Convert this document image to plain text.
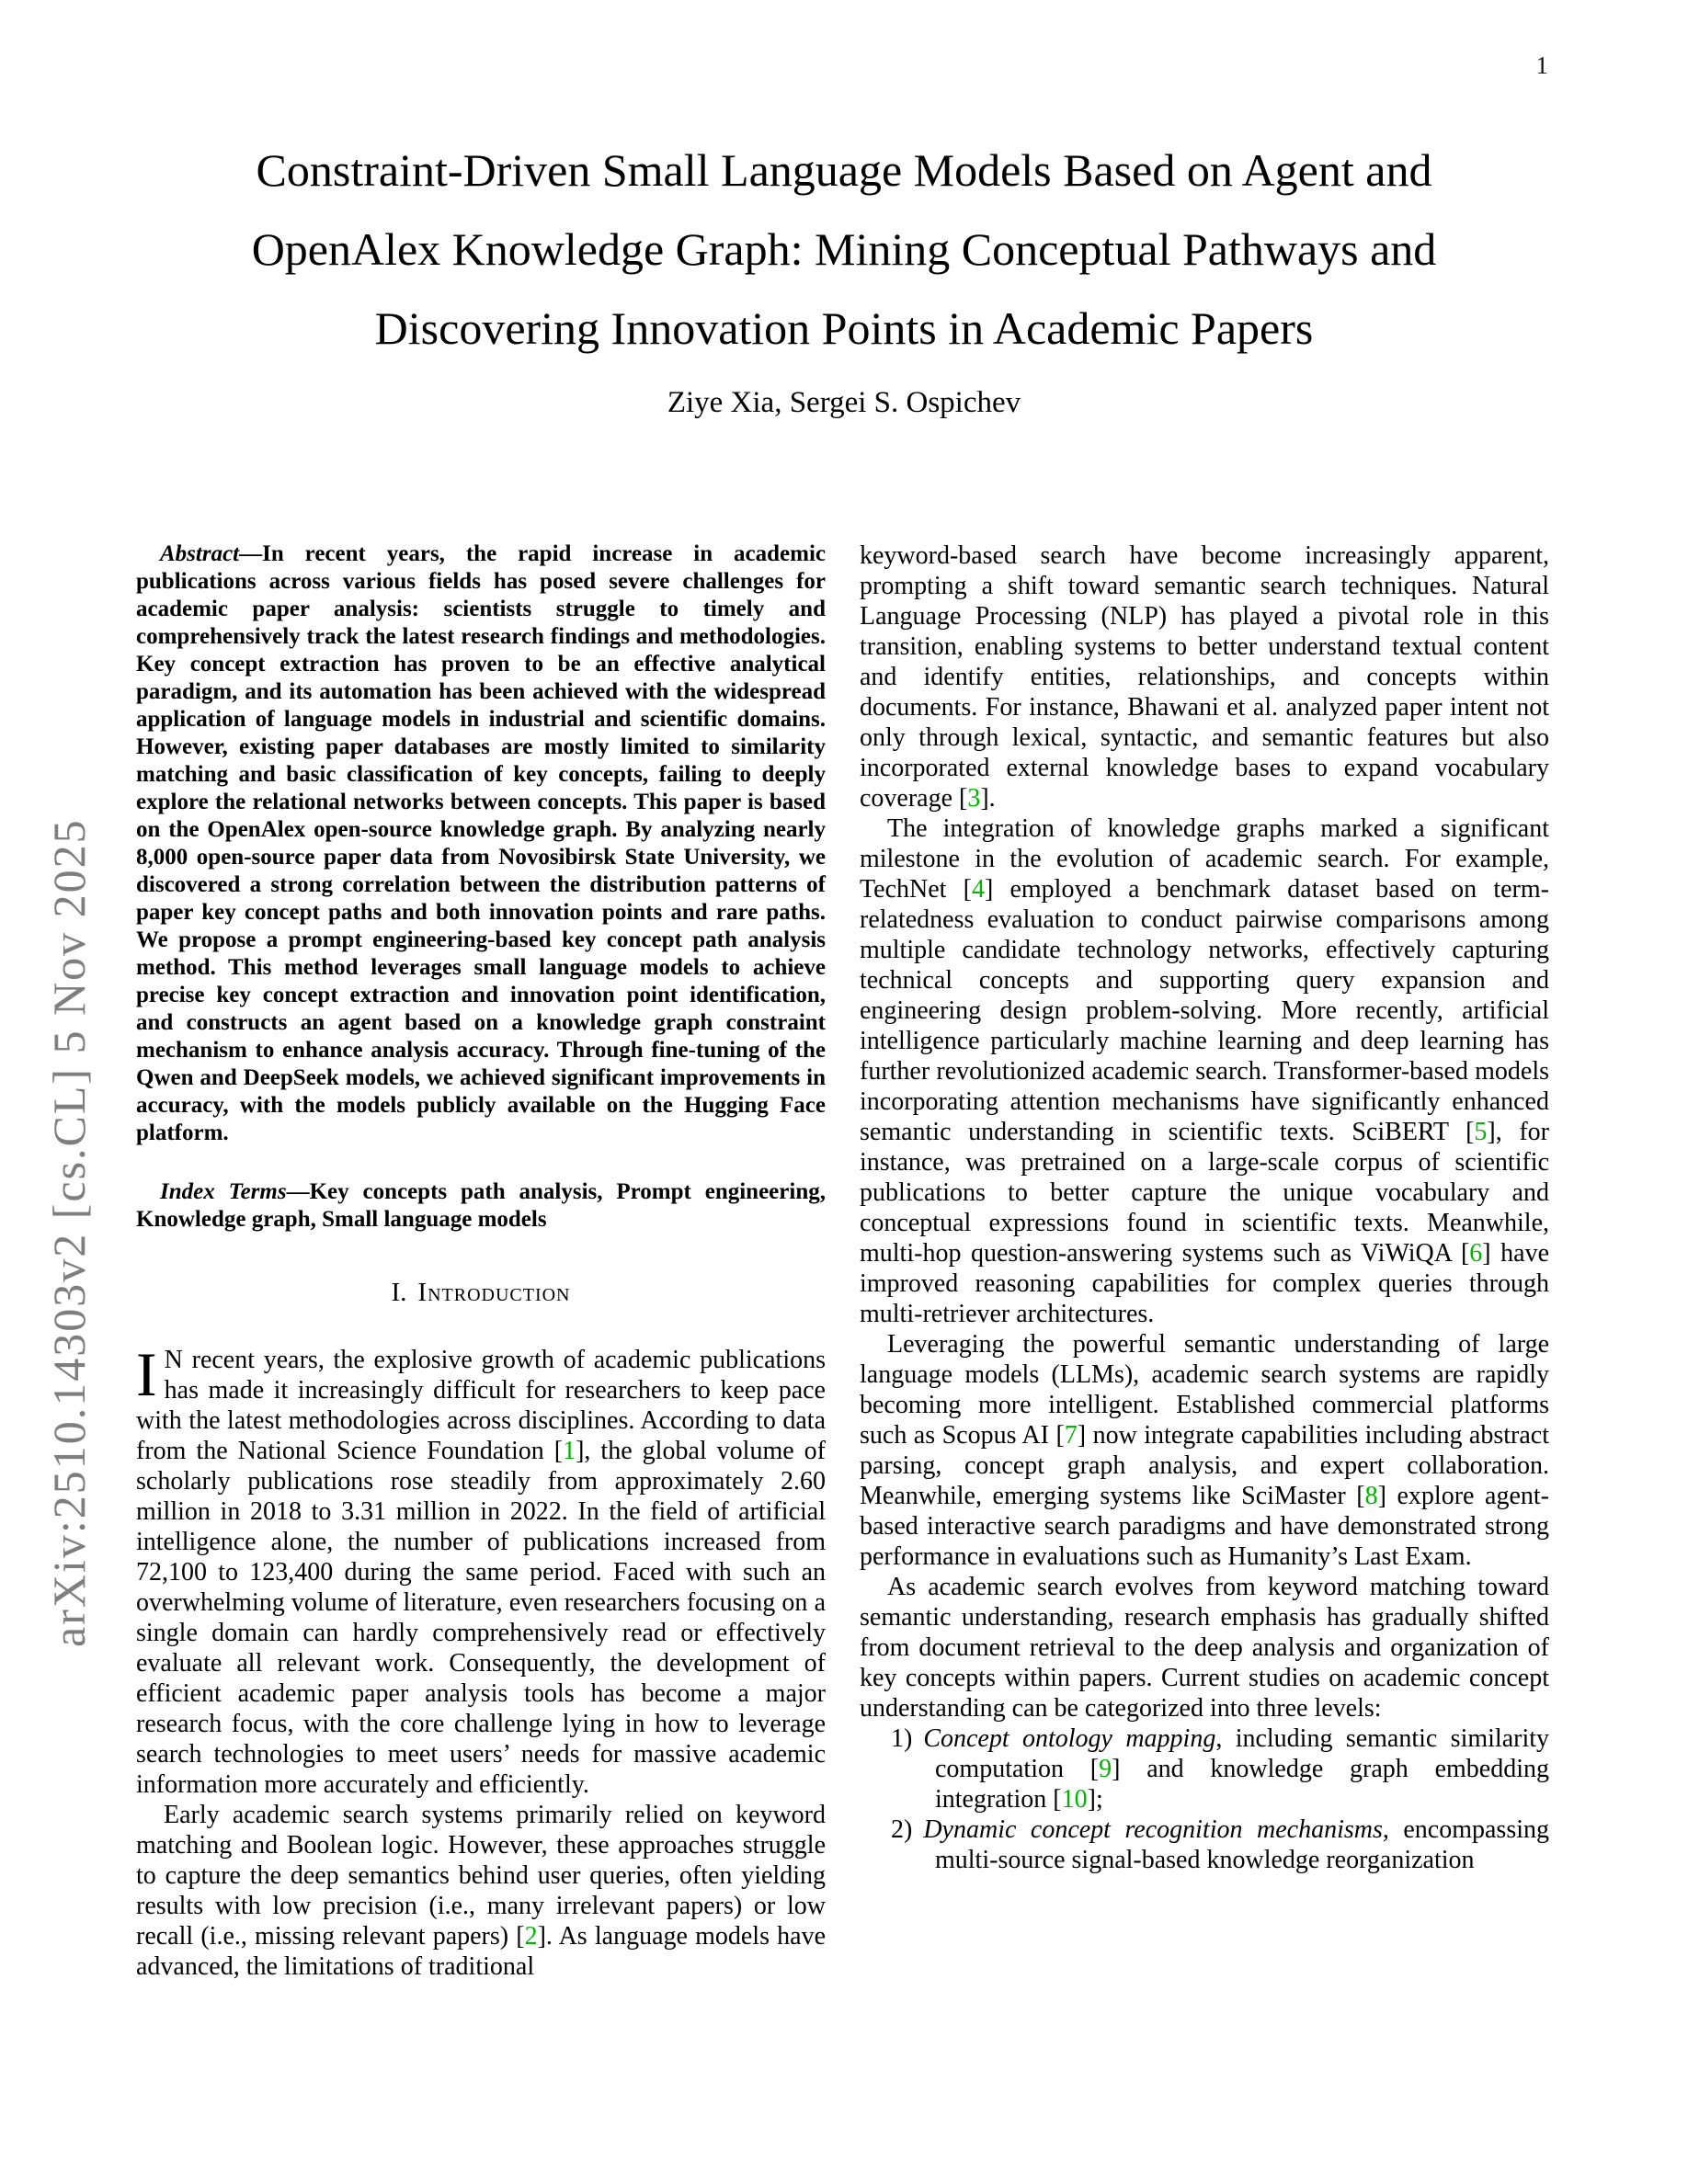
1
arXiv:2510.14303v2 [cs.CL] 5 Nov 2025
Constraint-Driven Small Language Models Based on Agent and OpenAlex Knowledge Graph: Mining Conceptual Pathways and Discovering Innovation Points in Academic Papers
Ziye Xia, Sergei S. Ospichev

Abstract—In recent years, the rapid increase in academic publications across various fields has posed severe challenges for academic paper analysis: scientists struggle to timely and comprehensively track the latest research findings and methodologies. Key concept extraction has proven to be an effective analytical paradigm, and its automation has been achieved with the widespread application of language models in industrial and scientific domains. However, existing paper databases are mostly limited to similarity matching and basic classification of key concepts, failing to deeply explore the relational networks between concepts. This paper is based on the OpenAlex open-source knowledge graph. By analyzing nearly 8,000 open-source paper data from Novosibirsk State University, we discovered a strong correlation between the distribution patterns of paper key concept paths and both innovation points and rare paths. We propose a prompt engineering-based key concept path analysis method. This method leverages small language models to achieve precise key concept extraction and innovation point identification, and constructs an agent based on a knowledge graph constraint mechanism to enhance analysis accuracy. Through fine-tuning of the Qwen and DeepSeek models, we achieved significant improvements in accuracy, with the models publicly available on the Hugging Face platform.

Index Terms—Key concepts path analysis, Prompt engineering, Knowledge graph, Small language models

I. Introduction

I N recent years, the explosive growth of academic publications has made it increasingly difficult for researchers to keep pace with the latest methodologies across disciplines. According to data from the National Science Foundation [1], the global volume of scholarly publications rose steadily from approximately 2.60 million in 2018 to 3.31 million in 2022. In the field of artificial intelligence alone, the number of publications increased from 72,100 to 123,400 during the same period. Faced with such an overwhelming volume of literature, even researchers focusing on a single domain can hardly comprehensively read or effectively evaluate all relevant work. Consequently, the development of efficient academic paper analysis tools has become a major research focus, with the core challenge lying in how to leverage search technologies to meet users’ needs for massive academic information more accurately and efficiently.

Early academic search systems primarily relied on keyword matching and Boolean logic. However, these approaches struggle to capture the deep semantics behind user queries, often yielding results with low precision (i.e., many irrelevant papers) or low recall (i.e., missing relevant papers) [2]. As language models have advanced, the limitations of traditional

keyword-based search have become increasingly apparent, prompting a shift toward semantic search techniques. Natural Language Processing (NLP) has played a pivotal role in this transition, enabling systems to better understand textual content and identify entities, relationships, and concepts within documents. For instance, Bhawani et al. analyzed paper intent not only through lexical, syntactic, and semantic features but also incorporated external knowledge bases to expand vocabulary coverage [3].

The integration of knowledge graphs marked a significant milestone in the evolution of academic search. For example, TechNet [4] employed a benchmark dataset based on term-relatedness evaluation to conduct pairwise comparisons among multiple candidate technology networks, effectively capturing technical concepts and supporting query expansion and engineering design problem-solving. More recently, artificial intelligence particularly machine learning and deep learning has further revolutionized academic search. Transformer-based models incorporating attention mechanisms have significantly enhanced semantic understanding in scientific texts. SciBERT [5], for instance, was pretrained on a large-scale corpus of scientific publications to better capture the unique vocabulary and conceptual expressions found in scientific texts. Meanwhile, multi-hop question-answering systems such as ViWiQA [6] have improved reasoning capabilities for complex queries through multi-retriever architectures.

Leveraging the powerful semantic understanding of large language models (LLMs), academic search systems are rapidly becoming more intelligent. Established commercial platforms such as Scopus AI [7] now integrate capabilities including abstract parsing, concept graph analysis, and expert collaboration. Meanwhile, emerging systems like SciMaster [8] explore agent-based interactive search paradigms and have demonstrated strong performance in evaluations such as Humanity’s Last Exam.

As academic search evolves from keyword matching toward semantic understanding, research emphasis has gradually shifted from document retrieval to the deep analysis and organization of key concepts within papers. Current studies on academic concept understanding can be categorized into three levels:

1) Concept ontology mapping, including semantic similarity computation [9] and knowledge graph embedding integration [10];
2) Dynamic concept recognition mechanisms, encompassing multi-source signal-based knowledge reorganization
